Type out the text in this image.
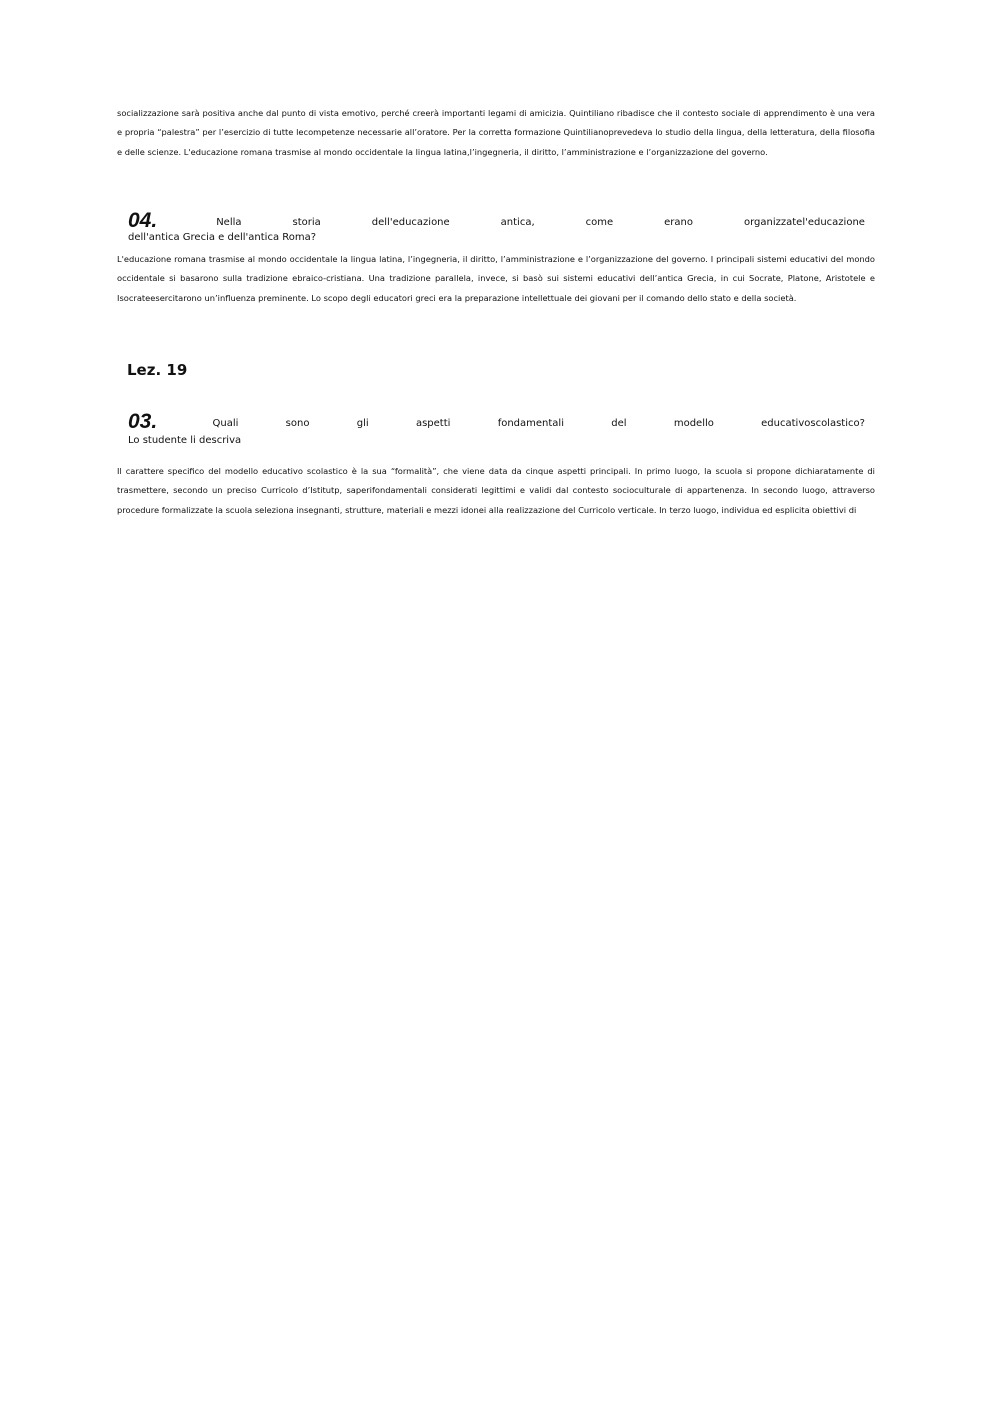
socializzazione sarà positiva anche dal punto di vista emotivo, perché creerà importanti legami di amicizia. Quintiliano ribadisce che il contesto sociale di apprendimento è una vera e propria “palestra” per l’esercizio di tutte lecompetenze necessarie all’oratore. Per la corretta formazione Quintilianoprevedeva lo studio della lingua, della letteratura, della filosofia e delle scienze. L'educazione romana trasmise al mondo occidentale la lingua latina,l’ingegneria, il diritto, l’amministrazione e l’organizzazione del governo.

04.	Nella	storia	dell'educazione	antica,	come	erano	organizzatel'educazione

dell'antica Grecia e dell'antica Roma?

L'educazione romana trasmise al mondo occidentale la lingua latina, l’ingegneria, il diritto, l’amministrazione e l’organizzazione del governo. I principali sistemi educativi del mondo occidentale si basarono sulla tradizione ebraico-cristiana. Una tradizione parallela, invece, si basò sui sistemi educativi dell’antica Grecia, in cui Socrate, Platone, Aristotele e Isocrateesercitarono un’influenza preminente. Lo scopo degli educatori greci era la preparazione intellettuale dei giovani per il comando dello stato e della società.

Lez. 19

03.	Quali	sono	gli	aspetti	fondamentali	del	modello	educativoscolastico?

Lo studente li descriva

Il carattere specifico del modello educativo scolastico è la sua “formalità”, che viene data da cinque aspetti principali. In primo luogo, la scuola si propone dichiaratamente di trasmettere, secondo un preciso Curricolo d’Istitutp, saperifondamentali considerati legittimi e validi dal contesto socioculturale di appartenenza. In secondo luogo, attraverso procedure formalizzate la scuola seleziona insegnanti, strutture, materiali e mezzi idonei alla realizzazione del Curricolo verticale. In terzo luogo, individua ed esplicita obiettivi di
